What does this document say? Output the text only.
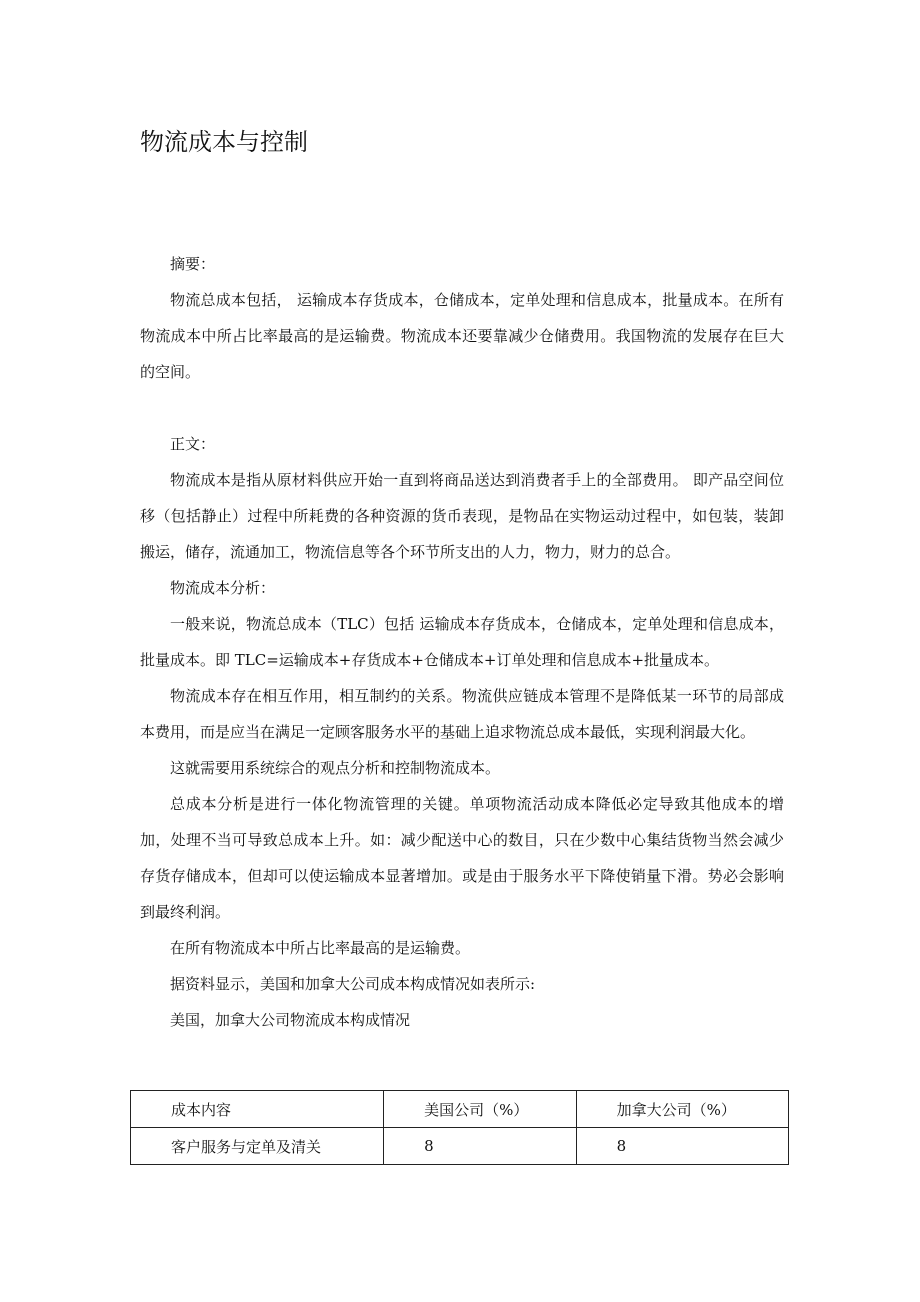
www.zixin.com.cn
物流成本与控制

摘要：

物流总成本包括， 运输成本存货成本，仓储成本，定单处理和信息成本，批量成本。在所有物流成本中所占比率最高的是运输费。物流成本还要靠减少仓储费用。我国物流的发展存在巨大的空间。

正文：

物流成本是指从原材料供应开始一直到将商品送达到消费者手上的全部费用。 即产品空间位移（包括静止）过程中所耗费的各种资源的货币表现，是物品在实物运动过程中，如包装，装卸搬运，储存，流通加工，物流信息等各个环节所支出的人力，物力，财力的总合。

物流成本分析：

一般来说，物流总成本（TLC）包括 运输成本存货成本，仓储成本，定单处理和信息成本，批量成本。即 TLC=运输成本+存货成本+仓储成本+订单处理和信息成本+批量成本。

物流成本存在相互作用，相互制约的关系。物流供应链成本管理不是降低某一环节的局部成本费用，而是应当在满足一定顾客服务水平的基础上追求物流总成本最低，实现利润最大化。

这就需要用系统综合的观点分析和控制物流成本。

总成本分析是进行一体化物流管理的关键。单项物流活动成本降低必定导致其他成本的增加，处理不当可导致总成本上升。如：减少配送中心的数目，只在少数中心集结货物当然会减少存货存储成本，但却可以使运输成本显著增加。或是由于服务水平下降使销量下滑。势必会影响到最终利润。

在所有物流成本中所占比率最高的是运输费。

据资料显示，美国和加拿大公司成本构成情况如表所示:

美国，加拿大公司物流成本构成情况

成本内容	美国公司（%）	加拿大公司（%）
客户服务与定单及清关	8	8
